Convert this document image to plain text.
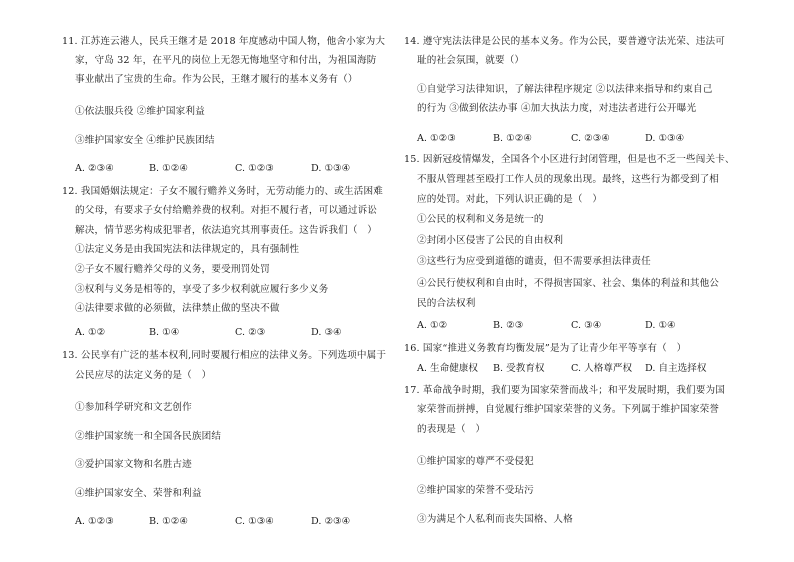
11. 江苏连云港人，民兵王继才是 2018 年度感动中国人物，他舍小家为大
家，守岛 32 年，在平凡的岗位上无怨无悔地坚守和付出，为祖国海防
事业献出了宝贵的生命。作为公民，王继才履行的基本义务有（）
①依法服兵役 ②维护国家利益
③维护国家安全 ④维护民族团结
A. ②③④	B. ①②④	C. ①②③	D. ①③④
12. 我国婚姻法规定：子女不履行赡养义务时，无劳动能力的、或生活困难
的父母，有要求子女付给赡养费的权利。对拒不履行者，可以通过诉讼
解决，情节恶劣构成犯罪者，依法追究其刑事责任。这告诉我们（　）
①法定义务是由我国宪法和法律规定的，具有强制性
②子女不履行赡养父母的义务，要受刑罚处罚
③权利与义务是相等的，享受了多少权利就应履行多少义务
④法律要求做的必须做，法律禁止做的坚决不做
A. ①②	B. ①④	C. ②③	D. ③④
13. 公民享有广泛的基本权利,同时要履行相应的法律义务。下列选项中属于
公民应尽的法定义务的是（　）
①参加科学研究和文艺创作
②维护国家统一和全国各民族团结
③爱护国家文物和名胜古迹
④维护国家安全、荣誉和利益
A. ①②③	B. ①②④	C. ①③④	D. ②③④
14. 遵守宪法法律是公民的基本义务。作为公民，要普遵守法光荣、违法可
耻的社会氛围，就要（）
①自觉学习法律知识，了解法律程序规定 ②以法律来指导和约束自己
的行为 ③做到依法办事 ④加大执法力度，对违法者进行公开曝光
A. ①②③	B. ①②④	C. ②③④	D. ①③④
15. 因新冠疫情爆发，全国各个小区进行封闭管理，但是也不乏一些闯关卡、
不服从管理甚至殴打工作人员的现象出现。最终，这些行为都受到了相
应的处罚。对此，下列认识正确的是（　）
①公民的权利和义务是统一的
②封闭小区侵害了公民的自由权利
③这些行为应受到道德的谴责，但不需要承担法律责任
④公民行使权利和自由时，不得损害国家、社会、集体的利益和其他公
民的合法权利
A. ①②	B. ②③	C. ③④	D. ①④
16. 国家“推进义务教育均衡发展”是为了让青少年平等享有（　）
A. 生命健康权 B. 受教育权	C. 人格尊严权 D. 自主选择权
17. 革命战争时期，我们要为国家荣誉而战斗；和平发展时期，我们要为国
家荣誉而拼搏，自觉履行维护国家荣誉的义务。下列属于维护国家荣誉
的表现是（　）
①维护国家的尊严不受侵犯
②维护国家的荣誉不受玷污
③为满足个人私利而丧失国格、人格
